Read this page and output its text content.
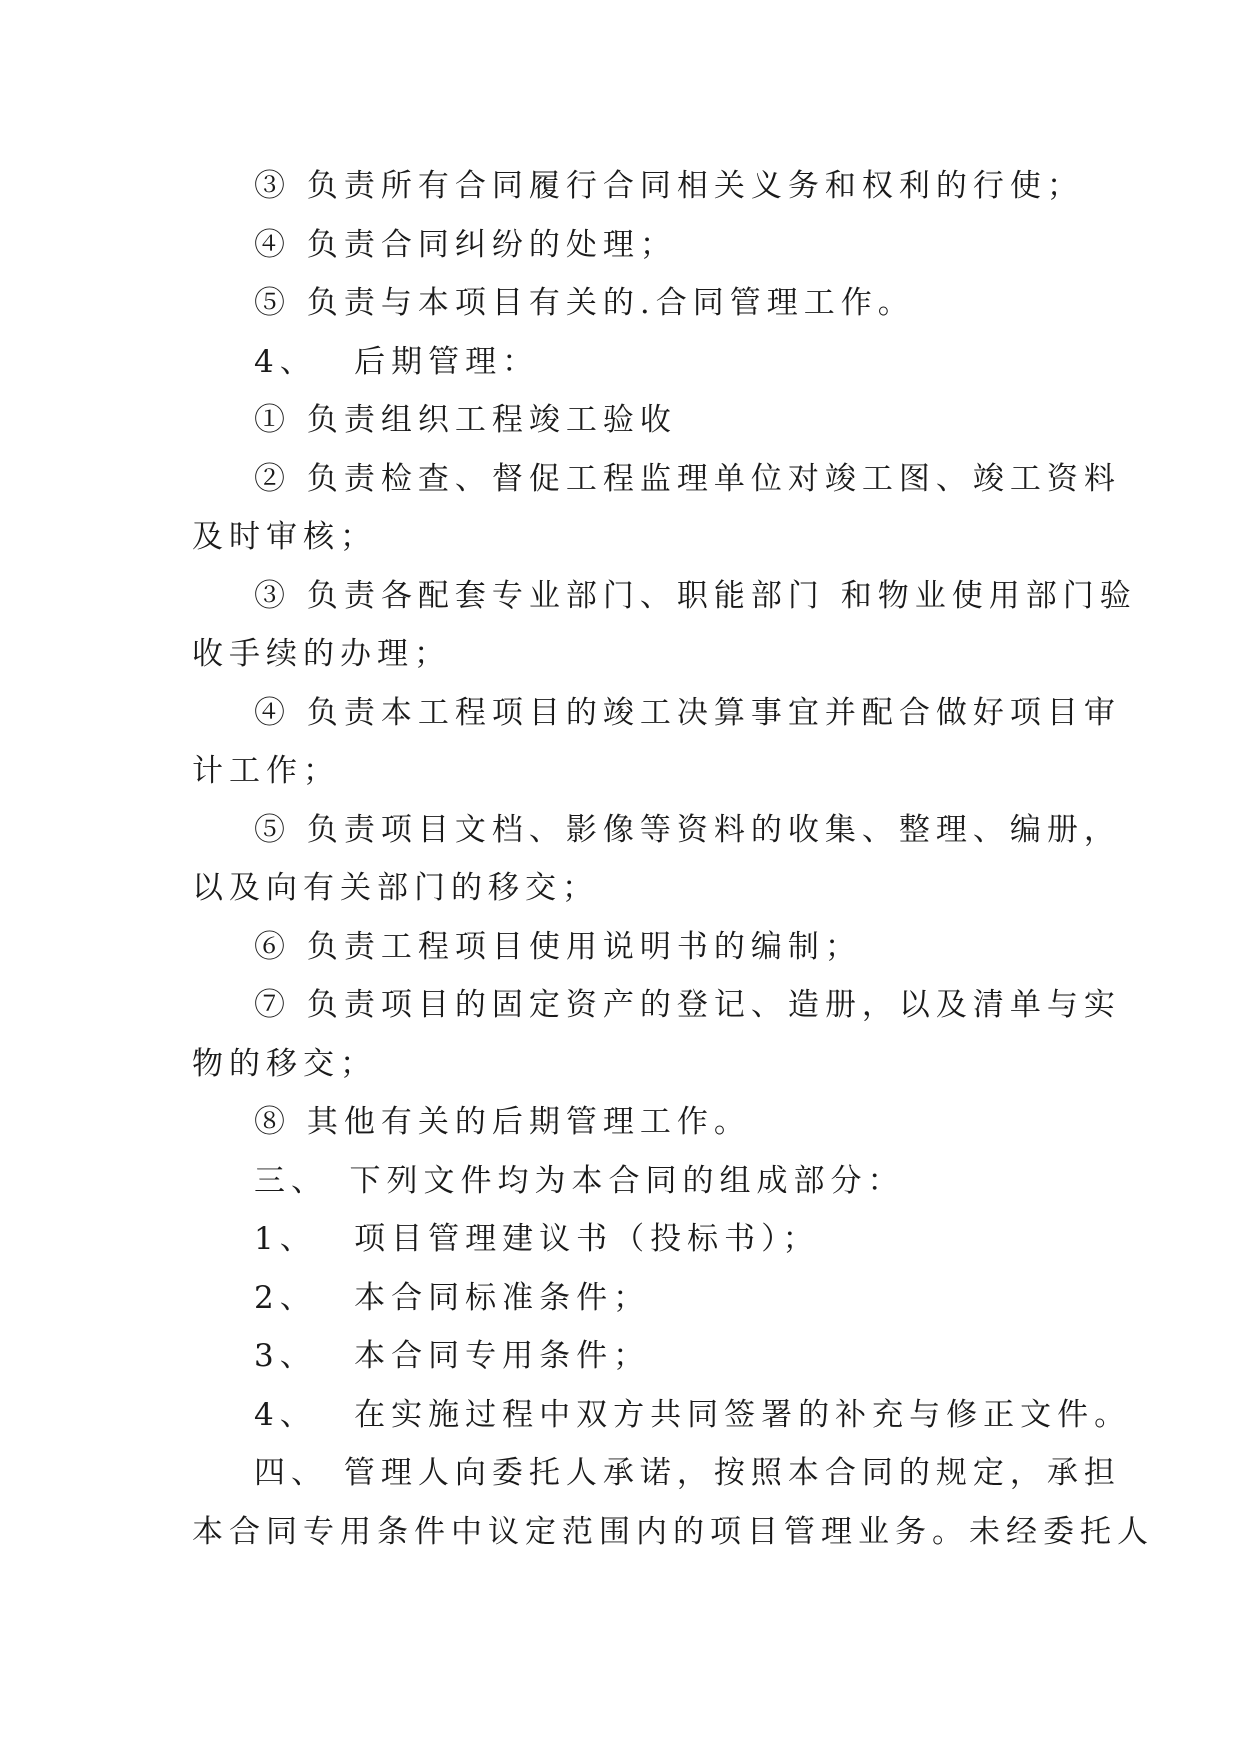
③ 负责所有合同履行合同相关义务和权利的行使；
④ 负责合同纠纷的处理；
⑤ 负责与本项目有关的.合同管理工作。
4、　 后期管理：
① 负责组织工程竣工验收
② 负责检查、督促工程监理单位对竣工图、竣工资料
及时审核；
③ 负责各配套专业部门、职能部门 和物业使用部门验
收手续的办理；
④ 负责本工程项目的竣工决算事宜并配合做好项目审
计工作；
⑤ 负责项目文档、影像等资料的收集、整理、编册，
以及向有关部门的移交；
⑥ 负责工程项目使用说明书的编制；
⑦ 负责项目的固定资产的登记、造册，以及清单与实
物的移交；
⑧ 其他有关的后期管理工作。
三、　下列文件均为本合同的组成部分：
1、　 项目管理建议书（投标书）；
2、　 本合同标准条件；
3、　 本合同专用条件；
4、　 在实施过程中双方共同签署的补充与修正文件。
四、 管理人向委托人承诺，按照本合同的规定，承担
本合同专用条件中议定范围内的项目管理业务。未经委托人
